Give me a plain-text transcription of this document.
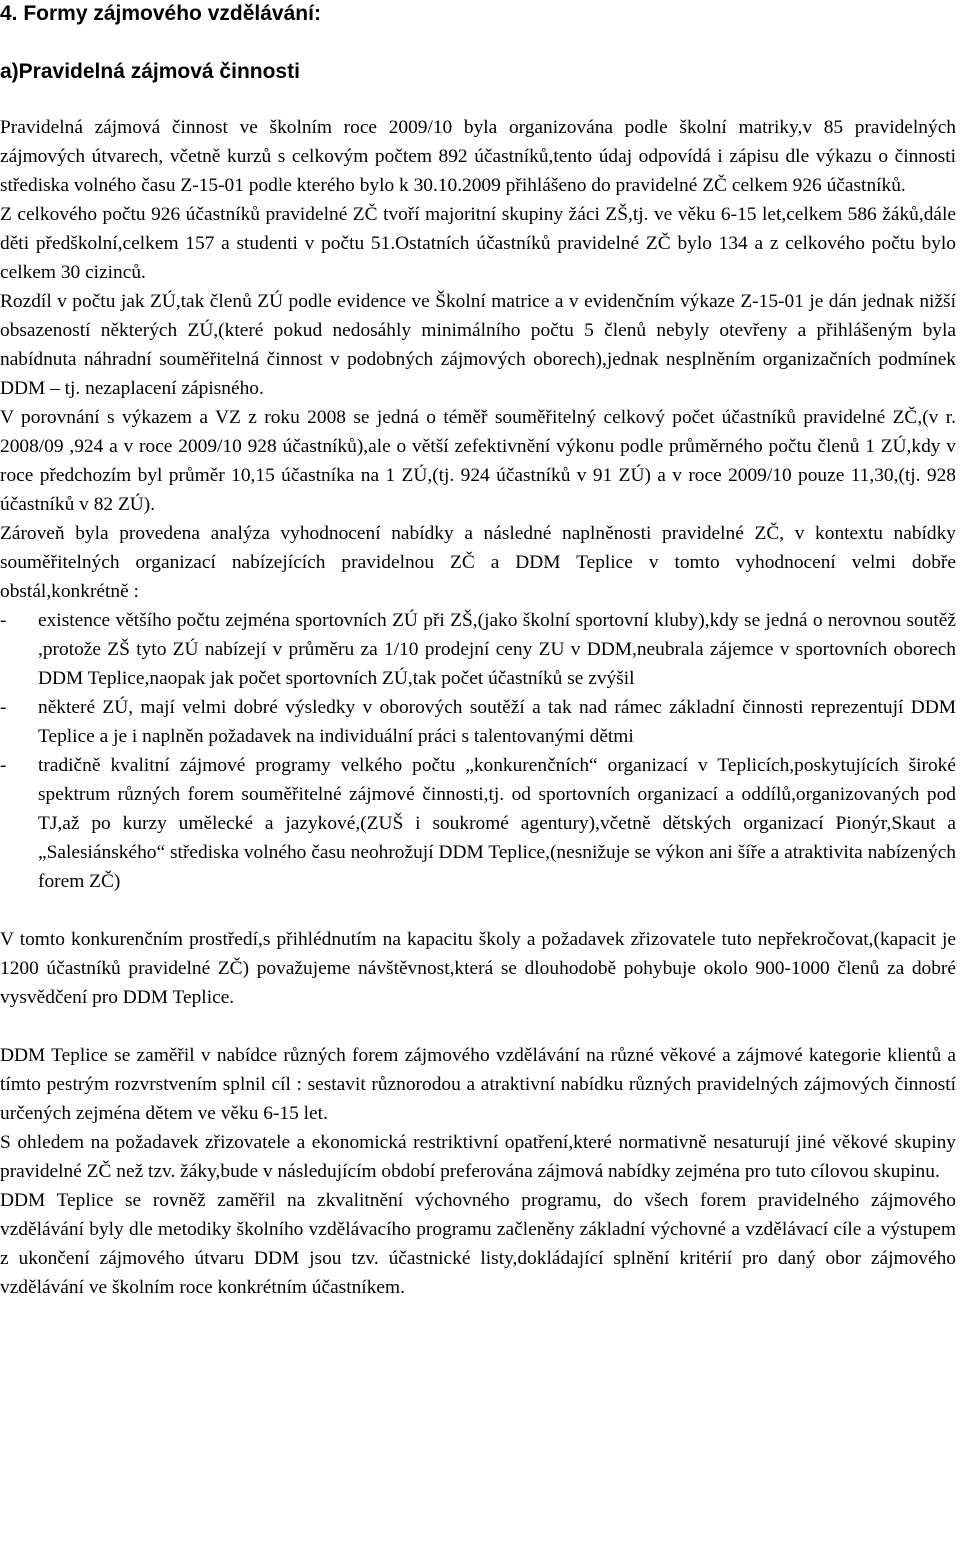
4. Formy zájmového vzdělávání:
a)Pravidelná zájmová činnosti

Pravidelná zájmová činnost ve školním roce 2009/10 byla organizována podle školní matriky,v 85 pravidelných zájmových útvarech, včetně kurzů s celkovým počtem 892 účastníků,tento údaj odpovídá i zápisu dle výkazu o činnosti střediska volného času Z-15-01 podle kterého bylo k 30.10.2009 přihlášeno do pravidelné ZČ celkem 926 účastníků.

Z celkového počtu 926 účastníků pravidelné ZČ tvoří majoritní skupiny žáci ZŠ,tj. ve věku 6-15 let,celkem 586 žáků,dále děti předškolní,celkem 157 a studenti v počtu 51.Ostatních účastníků pravidelné ZČ bylo 134 a z celkového počtu bylo celkem 30 cizinců.

Rozdíl v počtu jak ZÚ,tak členů ZÚ podle evidence ve Školní matrice a v evidenčním výkaze Z-15-01 je dán jednak nižší obsazeností některých ZÚ,(které pokud nedosáhly minimálního počtu 5 členů nebyly otevřeny a přihlášeným byla nabídnuta náhradní souměřitelná činnost v podobných zájmových oborech),jednak nesplněním organizačních podmínek DDM – tj. nezaplacení zápisného.

V porovnání s výkazem a VZ z roku 2008 se jedná o téměř souměřitelný celkový počet účastníků pravidelné ZČ,(v r. 2008/09 ,924 a v roce 2009/10 928 účastníků),ale o větší zefektivnění výkonu podle průměrného počtu členů 1 ZÚ,kdy v roce předchozím byl průměr 10,15 účastníka na 1 ZÚ,(tj. 924 účastníků v 91 ZÚ) a v roce 2009/10 pouze 11,30,(tj. 928 účastníků v 82 ZÚ).

Zároveň byla provedena analýza vyhodnocení nabídky a následné naplněnosti pravidelné ZČ, v kontextu nabídky souměřitelných organizací nabízejících pravidelnou ZČ a DDM Teplice v tomto vyhodnocení velmi dobře obstál,konkrétně :

-	existence většího počtu zejména sportovních ZÚ při ZŠ,(jako školní sportovní kluby),kdy se jedná o nerovnou soutěž ,protože ZŠ tyto ZÚ nabízejí v průměru za 1/10 prodejní ceny ZU v DDM,neubrala zájemce v sportovních oborech DDM Teplice,naopak jak počet sportovních ZÚ,tak počet účastníků se zvýšil
-	některé ZÚ, mají velmi dobré výsledky v oborových soutěží a tak nad rámec základní činnosti reprezentují DDM Teplice a je i naplněn požadavek na individuální práci s talentovanými dětmi
-	tradičně kvalitní zájmové programy velkého počtu „konkurenčních“ organizací v Teplicích,poskytujících široké spektrum různých forem souměřitelné zájmové činnosti,tj. od sportovních organizací a oddílů,organizovaných pod TJ,až po kurzy umělecké a jazykové,(ZUŠ i soukromé agentury),včetně dětských organizací Pionýr,Skaut a „Salesiánského“ střediska volného času neohrožují DDM Teplice,(nesnižuje se výkon ani šíře a atraktivita nabízených forem ZČ)

V tomto konkurenčním prostředí,s přihlédnutím na kapacitu školy a požadavek zřizovatele tuto nepřekročovat,(kapacit je 1200 účastníků pravidelné ZČ) považujeme návštěvnost,která se dlouhodobě pohybuje okolo 900-1000 členů za dobré vysvědčení pro DDM Teplice.

DDM Teplice se zaměřil v nabídce různých forem zájmového vzdělávání na různé věkové a zájmové kategorie klientů a tímto pestrým rozvrstvením splnil cíl : sestavit různorodou a atraktivní nabídku různých pravidelných zájmových činností určených zejména dětem ve věku 6-15 let.

S ohledem na požadavek zřizovatele a ekonomická restriktivní opatření,které normativně nesaturují jiné věkové skupiny pravidelné ZČ než tzv. žáky,bude v následujícím období preferována zájmová nabídky zejména pro tuto cílovou skupinu.

DDM Teplice se rovněž zaměřil na zkvalitnění výchovného programu, do všech forem pravidelného zájmového vzdělávání byly dle metodiky školního vzdělávacího programu začleněny základní výchovné a vzdělávací cíle a výstupem z ukončení zájmového útvaru DDM jsou tzv. účastnické listy,dokládající splnění kritérií pro daný obor zájmového vzdělávání ve školním roce konkrétním účastníkem.
